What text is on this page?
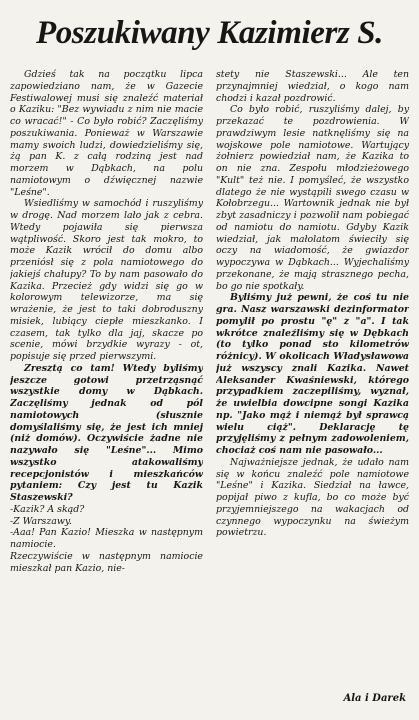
Poszukiwany Kazimierz S.

Gdzieś tak na początku lipca zapowiedziano nam, że w Gazecie Festiwalowej musi się znaleźć materiał o Kaziku: "Bez wywiadu z nim nie macie co wracać!" - Co było robić? Zaczęliśmy poszukiwania. Ponieważ w Warszawie mamy swoich ludzi, dowiedzieliśmy się, żą pan K. z całą rodziną jest nad morzem w Dąbkach, na polu namiotowym o dźwięcznej nazwie "Leśne".

Wsiedliśmy w samochód i ruszyliśmy w drogę. Nad morzem lało jak z cebra. Wtedy pojawiła się pierwsza wątpliwość. Skoro jest tak mokro, to może Kazik wrócił do domu albo przeniósł się z pola namiotowego do jakiejś chałupy? To by nam pasowało do Kazika. Przecież gdy widzi się go w kolorowym telewizorze, ma się wrażenie, że jest to taki dobroduszny misiek, lubiący ciepłe mieszkanko. I czasem, tak tylko dla jaj, skacze po scenie, mówi brzydkie wyrazy - ot, popisuje się przed pierwszymi.

Zresztą co tam! Wtedy byliśmy jeszcze gotowi przetrząsnąć wszystkie domy w Dąbkach. Zaczęliśmy jednak od pól namiotowych (słusznie domyślaliśmy się, że jest ich mniej (niż domów). Oczywiście żadne nie nazywało się "Leśne"... Mimo wszystko atakowaliśmy recepcjonistów i mieszkańców pytaniem: Czy jest tu Kazik Staszewski?

-Kazik? A skąd?

-Z Warszawy.

-Aaa! Pan Kazio! Mieszka w następnym namiocie.

Rzeczywiście w następnym namiocie mieszkał pan Kazio, nie-

stety nie Staszewski... Ale ten przynajmniej wiedział, o kogo nam chodzi i kazał pozdrowić.

Co było robić, ruszyliśmy dalej, by przekazać te pozdrowienia. W prawdziwym lesie natknęliśmy się na wojskowe pole namiotowe. Wartujący żołnierz powiedział nam, że Kazika to on nie zna. Zespołu młodzieżowego "Kult" też nie. I pomyśleć, że wszystko dlatego że nie wystąpili swego czasu w Kołobrzegu... Wartownik jednak nie był zbyt zasadniczy i pozwolił nam pobiegać od namiotu do namiotu. Gdyby Kazik wiedział, jak małolatom świeciły się oczy na wiadomość, że gwiazdor wypoczywa w Dąbkach... Wyjechaliśmy przekonane, że mają strasznego pecha, bo go nie spotkały.

Byliśmy już pewni, że coś tu nie gra. Nasz warszawski dezinformator pomylił po prostu "ę" z "a". I tak wkrótce znaleźliśmy się w Dębkach (to tylko ponad sto kilometrów różnicy). W okolicach Władysławowa już wszyscy znali Kazika. Nawet Aleksander Kwaśniewski, którego przypadkiem zaczepiliśmy, wyznał, że uwielbia dowcipne songi Kazika np. "Jako mąż i niemąż był sprawcą wielu ciąż". Deklarację tę przyjęliśmy z pełnym zadowoleniem, chociaż coś nam nie pasowało...

Najważniejsze jednak, że udało nam się w końcu znaleźć pole namiotowe "Leśne" i Kazika. Siedział na ławce, popijał piwo z kufla, bo co może być przyjemniejszego na wakacjach od czynnego wypoczynku na świeżym powietrzu.

Ala i Darek
